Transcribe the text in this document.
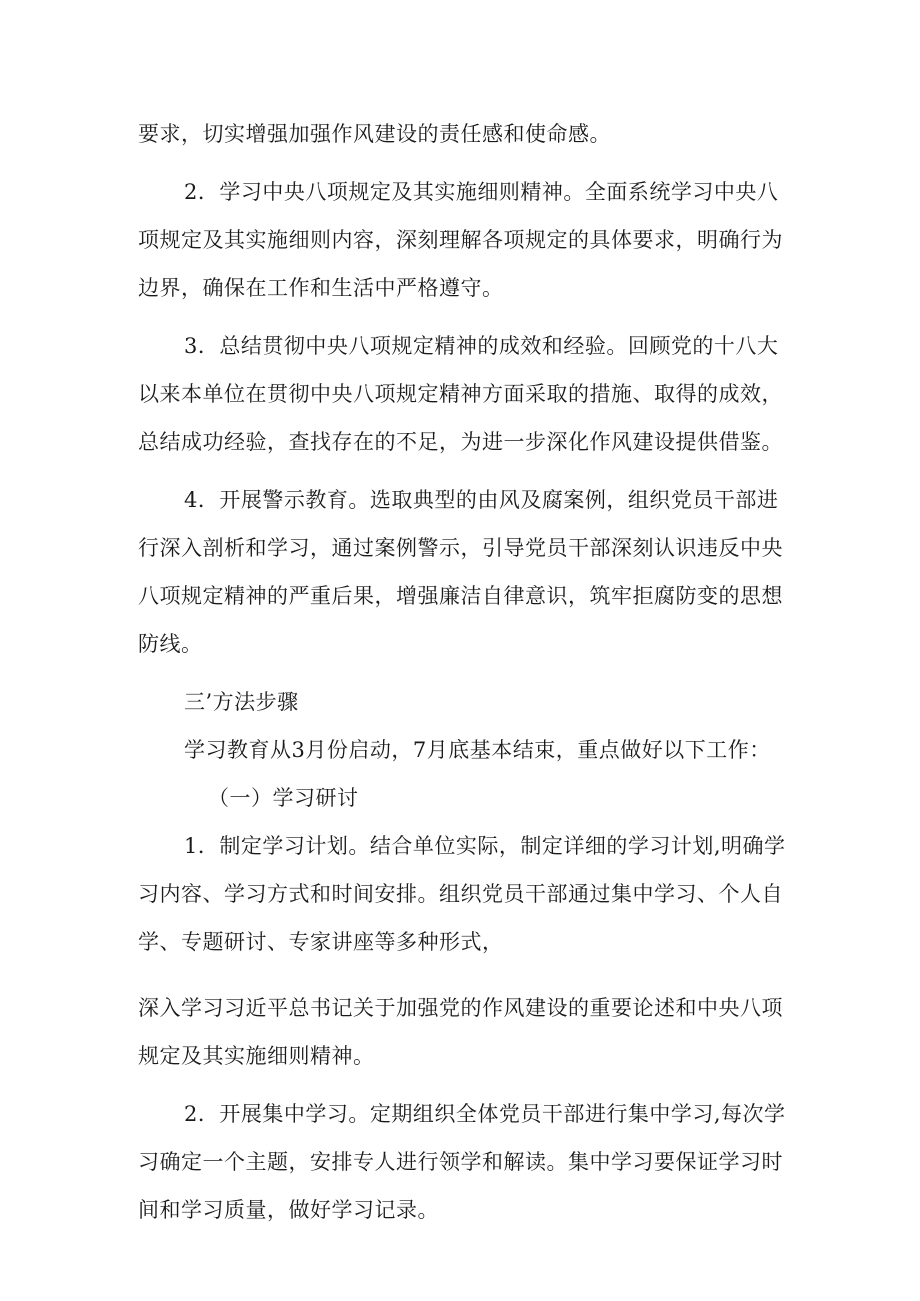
要求，切实增强加强作风建设的责任感和使命感。

2．学习中央八项规定及其实施细则精神。全面系统学习中央八项规定及其实施细则内容，深刻理解各项规定的具体要求，明确行为边界，确保在工作和生活中严格遵守。

3．总结贯彻中央八项规定精神的成效和经验。回顾党的十八大以来本单位在贯彻中央八项规定精神方面采取的措施、取得的成效，总结成功经验，查找存在的不足，为进一步深化作风建设提供借鉴。

4．开展警示教育。选取典型的由风及腐案例，组织党员干部进行深入剖析和学习，通过案例警示，引导党员干部深刻认识违反中央八项规定精神的严重后果，增强廉洁自律意识，筑牢拒腐防变的思想防线。

三’方法步骤

学习教育从3月份启动，7月底基本结束，重点做好以下工作：

（一）学习研讨

1．制定学习计划。结合单位实际，制定详细的学习计划,明确学习内容、学习方式和时间安排。组织党员干部通过集中学习、个人自学、专题研讨、专家讲座等多种形式，

深入学习习近平总书记关于加强党的作风建设的重要论述和中央八项规定及其实施细则精神。

2．开展集中学习。定期组织全体党员干部进行集中学习,每次学习确定一个主题，安排专人进行领学和解读。集中学习要保证学习时间和学习质量，做好学习记录。
